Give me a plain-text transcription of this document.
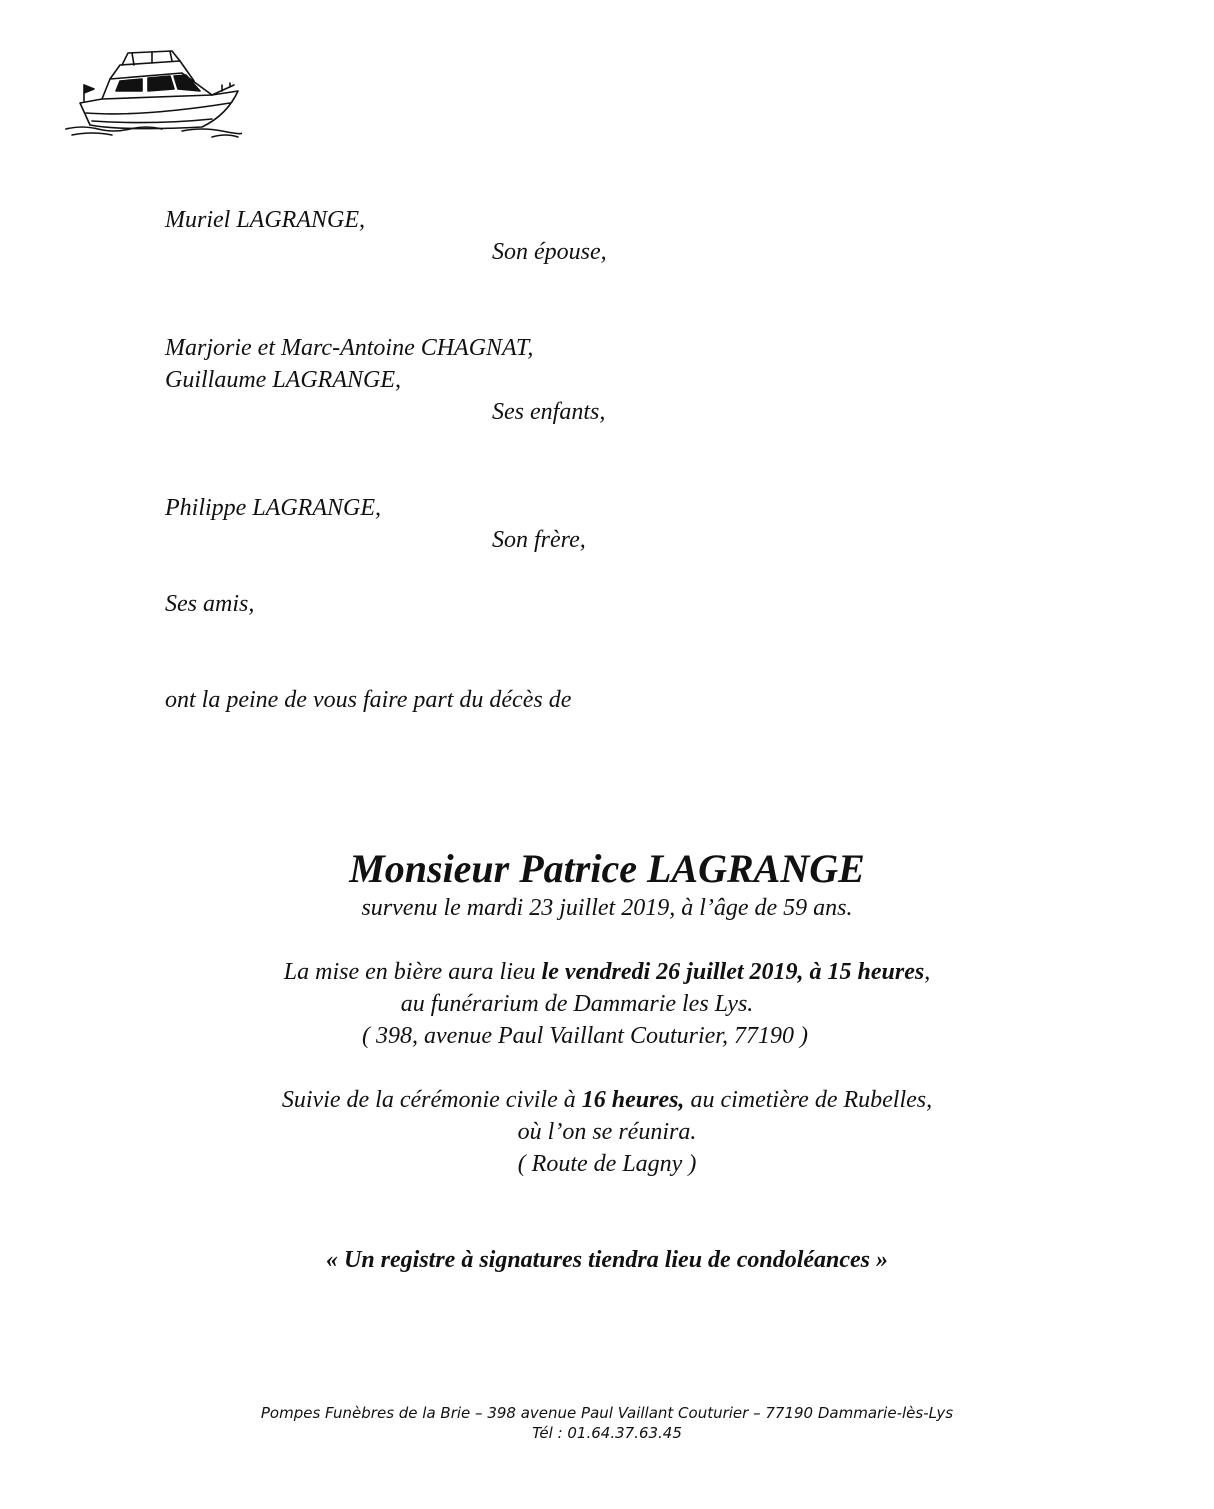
Muriel LAGRANGE,
Son épouse,
Marjorie et Marc-Antoine CHAGNAT,
Guillaume LAGRANGE,
Ses enfants,
Philippe LAGRANGE,
Son frère,
Ses amis,
ont la peine de vous faire part du décès de
Monsieur Patrice LAGRANGE
survenu le mardi 23 juillet 2019, à l’âge de 59 ans.
La mise en bière aura lieu le vendredi 26 juillet 2019, à 15 heures,
au funérarium de Dammarie les Lys.
( 398, avenue Paul Vaillant Couturier, 77190 )
Suivie de la cérémonie civile à 16 heures, au cimetière de Rubelles,
où l’on se réunira.
( Route de Lagny )
« Un registre à signatures tiendra lieu de condoléances »
Pompes Funèbres de la Brie – 398 avenue Paul Vaillant Couturier – 77190 Dammarie-lès-Lys
Tél : 01.64.37.63.45
